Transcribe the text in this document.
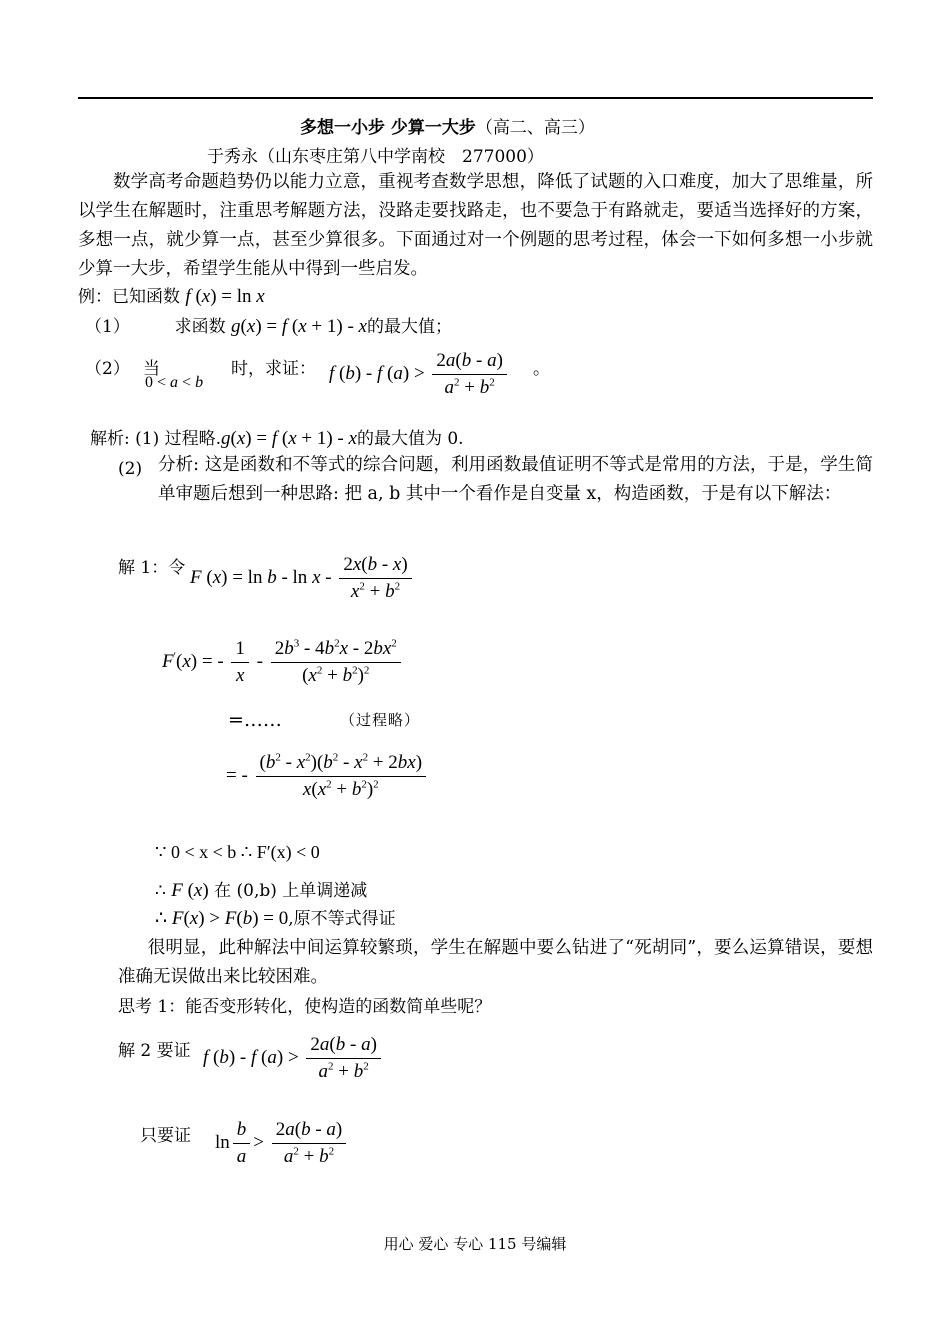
多想一小步 少算一大步（高二、高三）
于秀永（山东枣庄第八中学南校　277000）
数学高考命题趋势仍以能力立意，重视考查数学思想，降低了试题的入口难度，加大了思维量，所以学生在解题时，注重思考解题方法，没路走要找路走，也不要急于有路就走，要适当选择好的方案，多想一点，就少算一点，甚至少算很多。下面通过对一个例题的思考过程，体会一下如何多想一小步就少算一大步，希望学生能从中得到一些启发。
例：已知函数 f (x) = ln x
（1）	求函数 g(x) = f (x + 1) - x的最大值；
（2） 当
0 < a < b
时，求证： f (b) - f $(a) > \frac{2a(b - a)}{a^2 + b^2}$ 。
解析: (1) 过程略.g(x) = f (x + 1) - x的最大值为 0.
(2) 分析: 这是函数和不等式的综合问题，利用函数最值证明不等式是常用的方法，于是，学生简单审题后想到一种思路: 把 a, b 其中一个看作是自变量 x，构造函数，于是有以下解法：
解 1：令 F $(x) = \ln b - \ln x - \frac{2x(b - x)}{x^2 + b^2}$
F′(x) = - $\frac{1}{x} - \frac{2b^3 - 4b^2x - 2bx^2}{(x^2 + b^2)^2}$
=……	（过程略）
= - $\frac{(b^2 - x^2)(b^2 - x^2 + 2bx)}{x(x^2 + b^2)^2}$
∵ 0 < x < b ∴ F′(x) < 0
∴ F (x) 在 (0,b) 上单调递减
∴ F(x) > F(b) = 0,原不等式得证
很明显，此种解法中间运算较繁琐，学生在解题中要么钻进了“死胡同”，要么运算错误，要想准确无误做出来比较困难。
思考 1：能否变形转化，使构造的函数简单些呢？
解 2 要证 f (b) - f $(a) > \frac{2a(b - a)}{a^2 + b^2}$
只要证 $\ln \frac{b}{a} > \frac{2a(b - a)}{a^2 + b^2}$
用心 爱心 专心 115 号编辑
